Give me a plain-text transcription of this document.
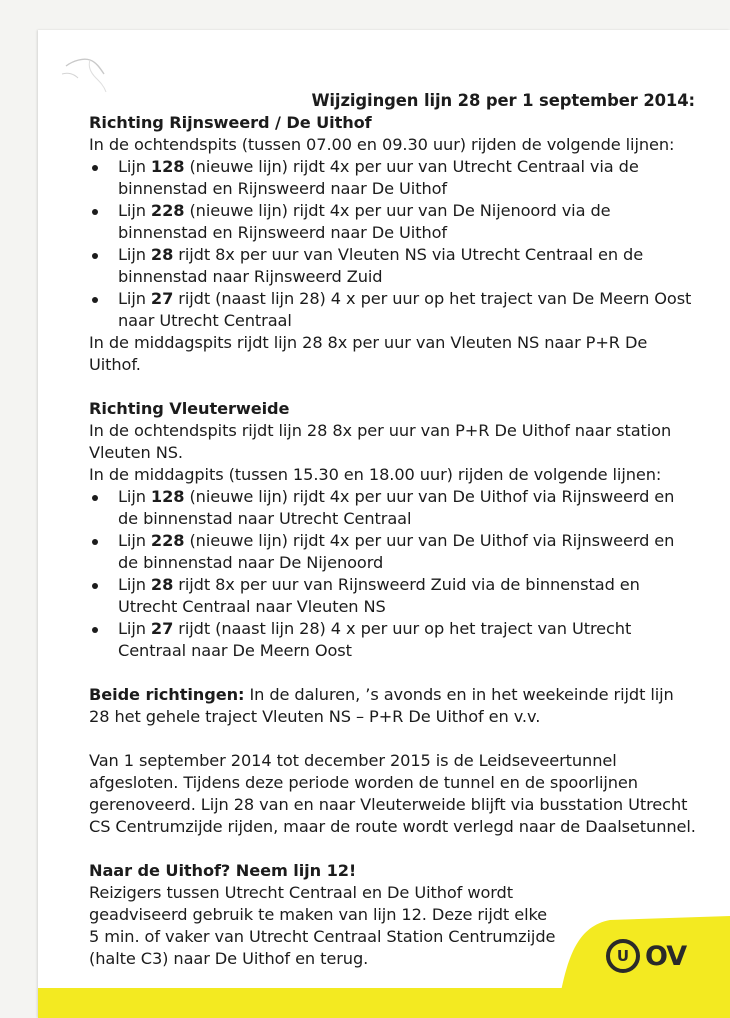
Wijzigingen lijn 28 per 1 september 2014:

Richting Rijnsweerd / De Uithof

In de ochtendspits (tussen 07.00 en 09.30 uur) rijden de volgende lijnen:

Lijn 128 (nieuwe lijn) rijdt 4x per uur van Utrecht Centraal via de binnenstad en Rijnsweerd naar De Uithof
Lijn 228 (nieuwe lijn) rijdt 4x per uur van De Nijenoord via de binnenstad en Rijnsweerd naar De Uithof
Lijn 28 rijdt 8x per uur van Vleuten NS via Utrecht Centraal en de binnenstad naar Rijnsweerd Zuid
Lijn 27 rijdt (naast lijn 28) 4 x per uur op het traject van De Meern Oost naar Utrecht Centraal

In de middagspits rijdt lijn 28 8x per uur van Vleuten NS naar P+R De Uithof.

Richting Vleuterweide

In de ochtendspits rijdt lijn 28 8x per uur van P+R De Uithof naar station Vleuten NS.

In de middagpits (tussen 15.30 en 18.00 uur) rijden de volgende lijnen:

Lijn 128 (nieuwe lijn) rijdt 4x per uur van De Uithof via Rijnsweerd en de binnenstad naar Utrecht Centraal
Lijn 228 (nieuwe lijn) rijdt 4x per uur van De Uithof via Rijnsweerd en de binnenstad naar De Nijenoord
Lijn 28 rijdt 8x per uur van Rijnsweerd Zuid via de binnenstad en Utrecht Centraal naar Vleuten NS
Lijn 27 rijdt (naast lijn 28) 4 x per uur op het traject van Utrecht Centraal naar De Meern Oost

Beide richtingen: In de daluren, ’s avonds en in het weekeinde rijdt lijn 28 het gehele traject Vleuten NS – P+R De Uithof en v.v.

Van 1 september 2014 tot december 2015 is de Leidseveertunnel afgesloten. Tijdens deze periode worden de tunnel en de spoorlijnen gerenoveerd. Lijn 28 van en naar Vleuterweide blijft via busstation Utrecht CS Centrumzijde rijden, maar de route wordt verlegd naar de Daalsetunnel.

Naar de Uithof? Neem lijn 12!

Reizigers tussen Utrecht Centraal en De Uithof wordt

geadviseerd gebruik te maken van lijn 12. Deze rijdt elke

5 min. of vaker van Utrecht Centraal Station Centrumzijde

(halte C3) naar De Uithof en terug.	U OV
